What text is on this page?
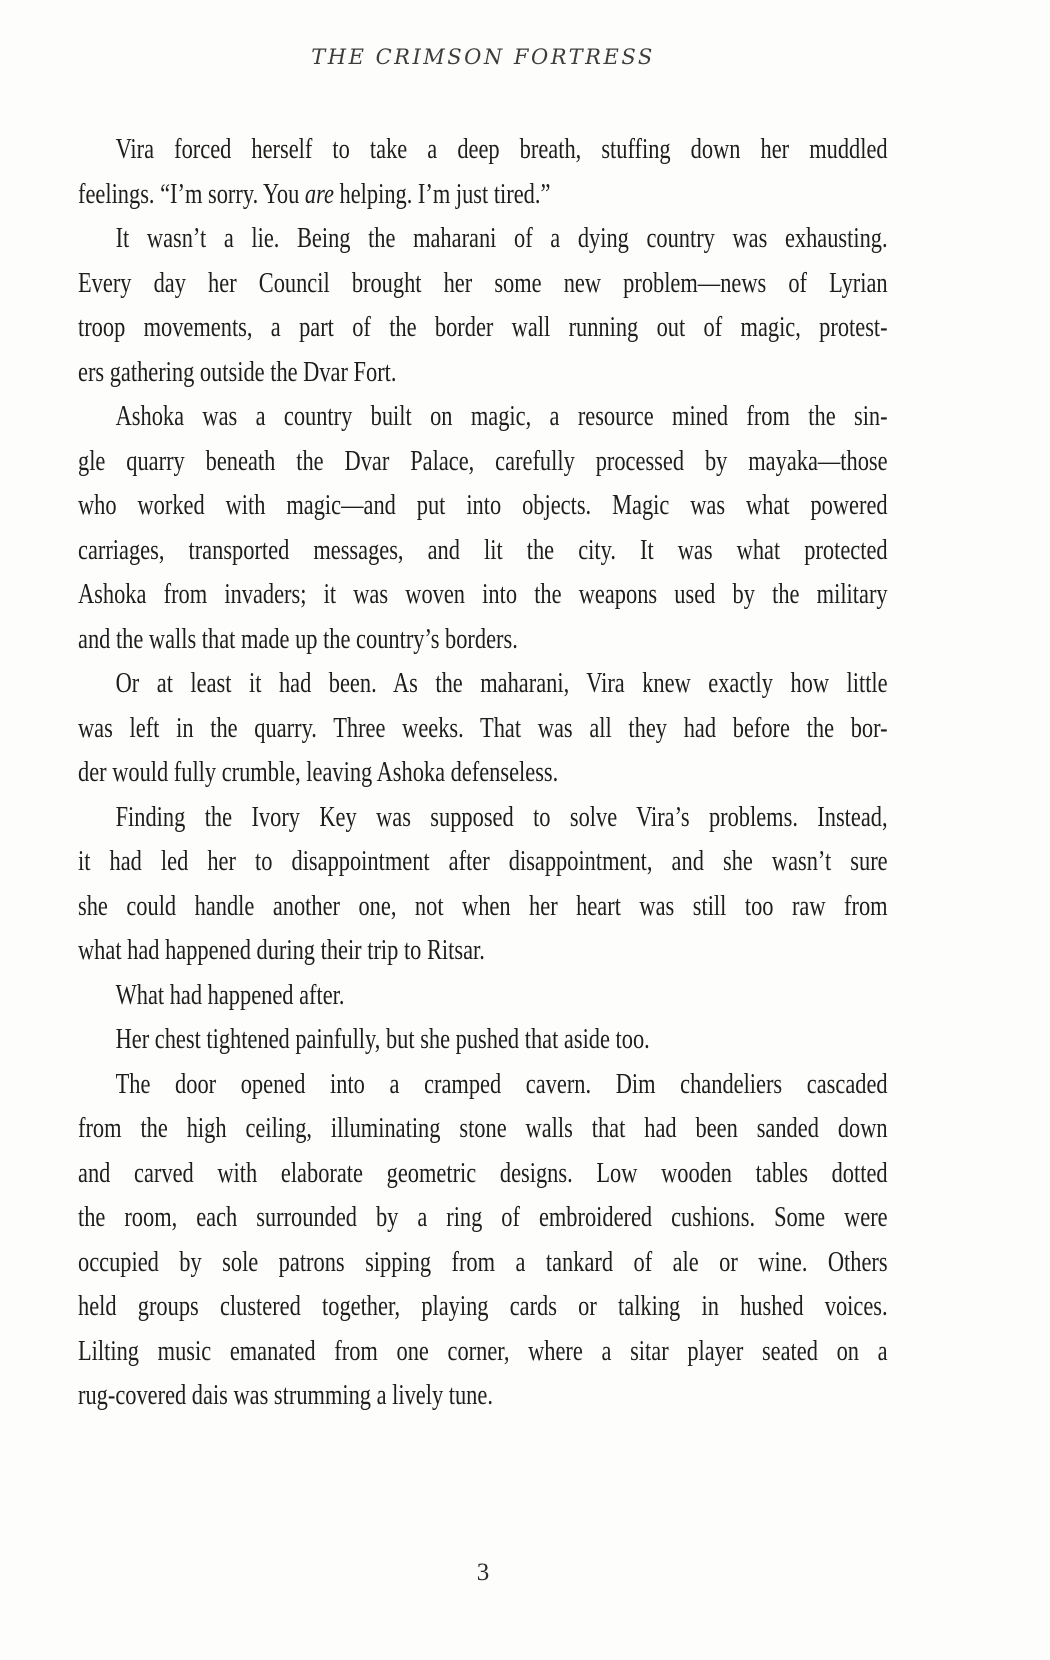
THE CRIMSON FORTRESS
Vira forced herself to take a deep breath, stuffing down her muddled
feelings. “I’m sorry. You are helping. I’m just tired.”
It wasn’t a lie. Being the maharani of a dying country was exhausting.
Every day her Council brought her some new problem—news of Lyrian
troop movements, a part of the border wall running out of magic, protest-
ers gathering outside the Dvar Fort.
Ashoka was a country built on magic, a resource mined from the sin-
gle quarry beneath the Dvar Palace, carefully processed by mayaka—those
who worked with magic—and put into objects. Magic was what powered
carriages, transported messages, and lit the city. It was what protected
Ashoka from invaders; it was woven into the weapons used by the military
and the walls that made up the country’s borders.
Or at least it had been. As the maharani, Vira knew exactly how little
was left in the quarry. Three weeks. That was all they had before the bor-
der would fully crumble, leaving Ashoka defenseless.
Finding the Ivory Key was supposed to solve Vira’s problems. Instead,
it had led her to disappointment after disappointment, and she wasn’t sure
she could handle another one, not when her heart was still too raw from
what had happened during their trip to Ritsar.
What had happened after.
Her chest tightened painfully, but she pushed that aside too.
The door opened into a cramped cavern. Dim chandeliers cascaded
from the high ceiling, illuminating stone walls that had been sanded down
and carved with elaborate geometric designs. Low wooden tables dotted
the room, each surrounded by a ring of embroidered cushions. Some were
occupied by sole patrons sipping from a tankard of ale or wine. Others
held groups clustered together, playing cards or talking in hushed voices.
Lilting music emanated from one corner, where a sitar player seated on a
rug-covered dais was strumming a lively tune.
3
